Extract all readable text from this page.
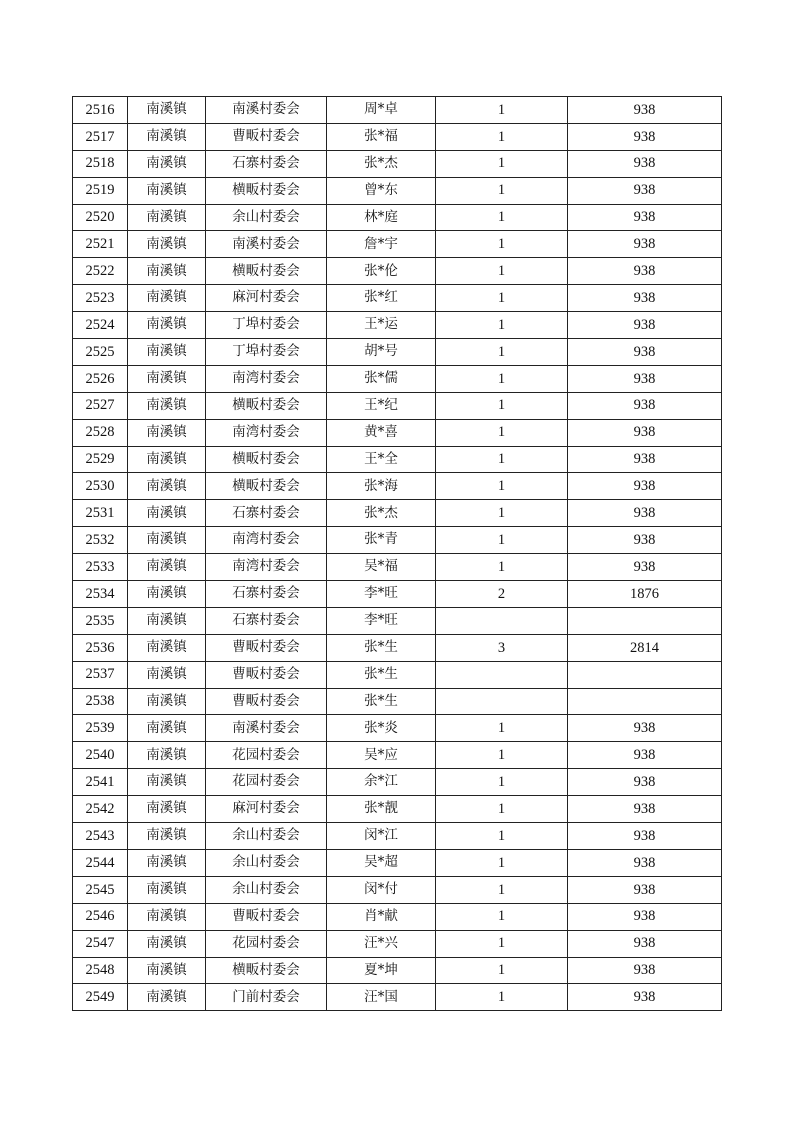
2516	南溪镇	南溪村委会	周*卓	1	938
2517	南溪镇	曹畈村委会	张*福	1	938
2518	南溪镇	石寨村委会	张*杰	1	938
2519	南溪镇	横畈村委会	曾*东	1	938
2520	南溪镇	余山村委会	林*庭	1	938
2521	南溪镇	南溪村委会	詹*宇	1	938
2522	南溪镇	横畈村委会	张*伦	1	938
2523	南溪镇	麻河村委会	张*红	1	938
2524	南溪镇	丁埠村委会	王*运	1	938
2525	南溪镇	丁埠村委会	胡*号	1	938
2526	南溪镇	南湾村委会	张*儒	1	938
2527	南溪镇	横畈村委会	王*纪	1	938
2528	南溪镇	南湾村委会	黄*喜	1	938
2529	南溪镇	横畈村委会	王*全	1	938
2530	南溪镇	横畈村委会	张*海	1	938
2531	南溪镇	石寨村委会	张*杰	1	938
2532	南溪镇	南湾村委会	张*青	1	938
2533	南溪镇	南湾村委会	吴*福	1	938
2534	南溪镇	石寨村委会	李*旺	2	1876
2535	南溪镇	石寨村委会	李*旺		
2536	南溪镇	曹畈村委会	张*生	3	2814
2537	南溪镇	曹畈村委会	张*生		
2538	南溪镇	曹畈村委会	张*生		
2539	南溪镇	南溪村委会	张*炎	1	938
2540	南溪镇	花园村委会	吴*应	1	938
2541	南溪镇	花园村委会	余*江	1	938
2542	南溪镇	麻河村委会	张*靓	1	938
2543	南溪镇	余山村委会	闵*江	1	938
2544	南溪镇	余山村委会	吴*超	1	938
2545	南溪镇	余山村委会	闵*付	1	938
2546	南溪镇	曹畈村委会	肖*献	1	938
2547	南溪镇	花园村委会	汪*兴	1	938
2548	南溪镇	横畈村委会	夏*坤	1	938
2549	南溪镇	门前村委会	汪*国	1	938
